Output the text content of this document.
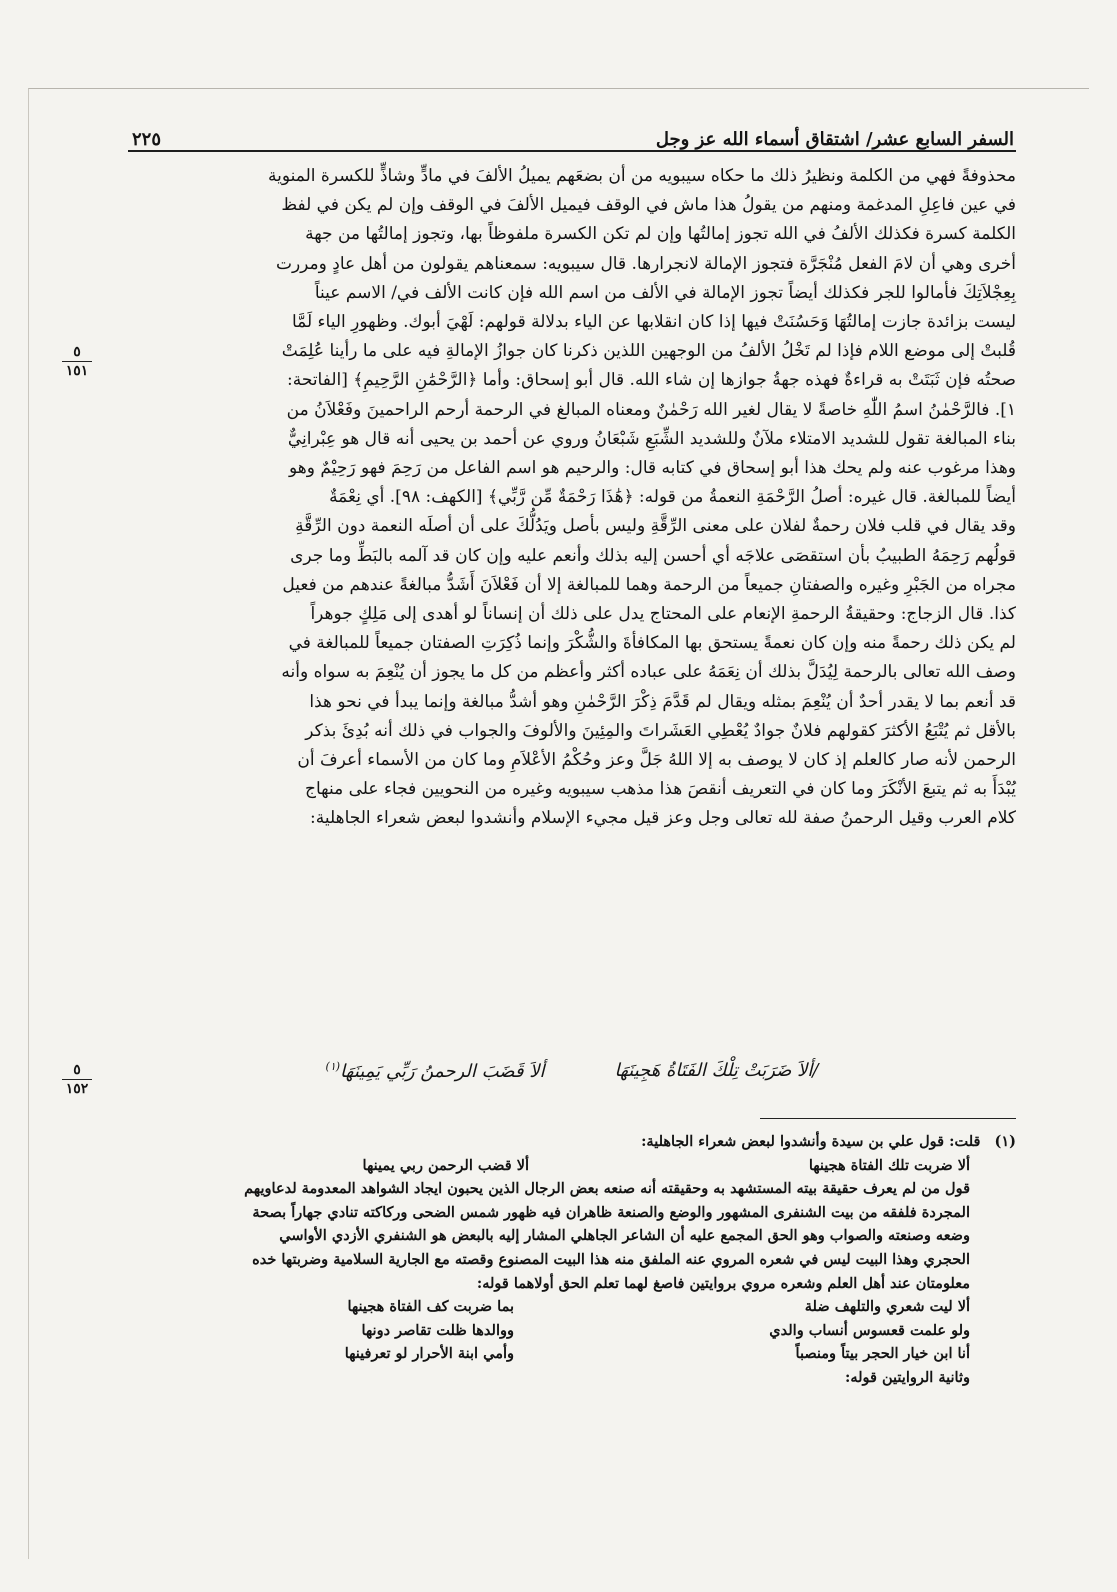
السفر السابع عشر/ اشتقاق أسماء الله عز وجل
٢٢٥

محذوفةً فهي من الكلمة ونظيرُ ذلك ما حكاه سيبويه من أن بضعَهم يميلُ الألفَ في مادٍّ وشاذٍّ للكسرة المنوية

في عين فاعِلِ المدغمة ومنهم من يقولُ هذا ماش في الوقف فيميل الألفَ في الوقف وإن لم يكن في لفظ

الكلمة كسرة فكذلك الألفُ في الله تجوز إمالتُها وإن لم تكن الكسرة ملفوظاً بها، وتجوز إمالتُها من جهة

أخرى وهي أن لامَ الفعل مُنْجَرَّة فتجوز الإمالة لانجرارها. قال سيبويه: سمعناهم يقولون من أهل عادٍ ومررت

بِعِجْلاَتِكَ فأمالوا للجر فكذلك أيضاً تجوز الإمالة في الألف من اسم الله فإن كانت الألف في/ الاسم عيناً

ليست بزائدة جازت إمالتُهَا وَحَسُنَتْ فيها إذا كان انقلابها عن الياء بدلالة قولهم: لَهْيَ أبوك. وظهورِ الياء لَمَّا

قُلبتْ إلى موضع اللام فإذا لم تَخْلُ الألفُ من الوجهين اللذين ذكرنا كان جوازُ الإمالةِ فيه على ما رأينا عُلِمَتْ

صحتُه فإن ثَبَتَتْ به قراءةٌ فهذه جهةُ جوازها إن شاء الله. قال أبو إسحاق: وأما ﴿الرَّحْمَٰنِ الرَّحِيمِ﴾ [الفاتحة:

١]. فالرَّحْمٰنُ اسمُ اللّٰهِ خاصةً لا يقال لغير الله رَحْمٰنٌ ومعناه المبالغ في الرحمة أرحم الراحمينَ وفَعْلاَنُ من

بناء المبالغة تقول للشديد الامتلاء ملآنٌ وللشديد الشِّبَعِ شَبْعَانُ وروي عن أحمد بن يحيى أنه قال هو عِبْرانِيٌّ

وهذا مرغوب عنه ولم يحك هذا أبو إسحاق في كتابه قال: والرحيم هو اسم الفاعل من رَحِمَ فهو رَحِيْمٌ وهو

أيضاً للمبالغة. قال غيره: أصلُ الرَّحْمَةِ النعمةُ من قوله: ﴿هَٰذَا رَحْمَةٌ مِّن رَّبِّي﴾ [الكهف: ٩٨]. أي نِعْمَةٌ

وقد يقال في قلب فلان رحمةٌ لفلان على معنى الرِّقَّةِ وليس بأصل ويَدُلُّكَ على أن أصلَه النعمة دون الرِّقَّةِ

قولُهم رَحِمَهُ الطبيبُ بأن استقصَى علاجَه أي أحسن إليه بذلك وأنعم عليه وإن كان قد آلمه بالبَطِّ وما جرى

مجراه من الجَبْرِ وغيره والصفتانِ جميعاً من الرحمة وهما للمبالغة إلا أن فَعْلاَنَ أَشَدُّ مبالغةً عندهم من فعيل

كذا. قال الزجاج: وحقيقةُ الرحمةِ الإنعام على المحتاج يدل على ذلك أن إنساناً لو أهدى إلى مَلِكٍ جوهراً

لم يكن ذلك رحمةً منه وإن كان نعمةً يستحق بها المكافأةَ والشُّكْرَ وإنما ذُكِرَتِ الصفتان جميعاً للمبالغة في

وصف الله تعالى بالرحمة لِيُدَلَّ بذلك أن نِعَمَهُ على عباده أكثر وأعظم من كل ما يجوز أن يُنْعِمَ به سواه وأنه

قد أنعم بما لا يقدر أحدٌ أن يُنْعِمَ بمثله ويقال لم قَدَّمَ ذِكْرَ الرَّحْمٰنِ وهو أشدُّ مبالغة وإنما يبدأ في نحو هذا

بالأقل ثم يُتْبَعُ الأكثرَ كقولهم فلانٌ جوادٌ يُعْطِي العَشَراتَ والمِئِينَ والألوفَ والجواب في ذلك أنه بُدِئَ بذكر

الرحمن لأنه صار كالعلم إذ كان لا يوصف به إلا اللهُ جَلَّ وعز وحُكْمُ الأعْلاَمِ وما كان من الأسماء أعرفَ أن

يُبْدَأَ به ثم يتبعَ الأنْكَرَ وما كان في التعريف أنقصَ هذا مذهب سيبويه وغيره من النحويين فجاء على منهاج

كلام العرب وقيل الرحمنُ صفة لله تعالى وجل وعز قيل مجيء الإسلام وأنشدوا لبعض شعراء الجاهلية:

/ألاَ ضَرَبَتْ تِلْكَ الفَتَاةُ هَجِينَهَا
ألاَ قَضَبَ الرحمنُ رَبِّي يَمِينَهَا$^{(١)}$
٥
١٥١
٥
١٥٢
(١)
قلت: قول علي بن سيدة وأنشدوا لبعض شعراء الجاهلية:
ألا ضربت تلك الفتاة هجينها
ألا قضب الرحمن ربي يمينها
قول من لم يعرف حقيقة بيته المستشهد به وحقيقته أنه صنعه بعض الرجال الذين يحبون ايجاد الشواهد المعدومة لدعاويهم
المجردة فلفقه من بيت الشنفرى المشهور والوضع والصنعة ظاهران فيه ظهور شمس الضحى وركاكته تنادي جهاراً بصحة
وضعه وصنعته والصواب وهو الحق المجمع عليه أن الشاعر الجاهلي المشار إليه بالبعض هو الشنفري الأزدي الأواسي
الحجري وهذا البيت ليس في شعره المروي عنه الملفق منه هذا البيت المصنوع وقصته مع الجارية السلامية وضربتها خده
معلومتان عند أهل العلم وشعره مروي بروايتين فاصغ لهما تعلم الحق أولاهما قوله:
ألا ليت شعري والتلهف ضلة
بما ضربت كف الفتاة هجينها
ولو علمت قعسوس أنساب والدي
ووالدها ظلت تقاصر دونها
أنا ابن خيار الحجر بيتاً ومنصباً
وأمي ابنة الأحرار لو تعرفينها
وثانية الروايتين قوله:
